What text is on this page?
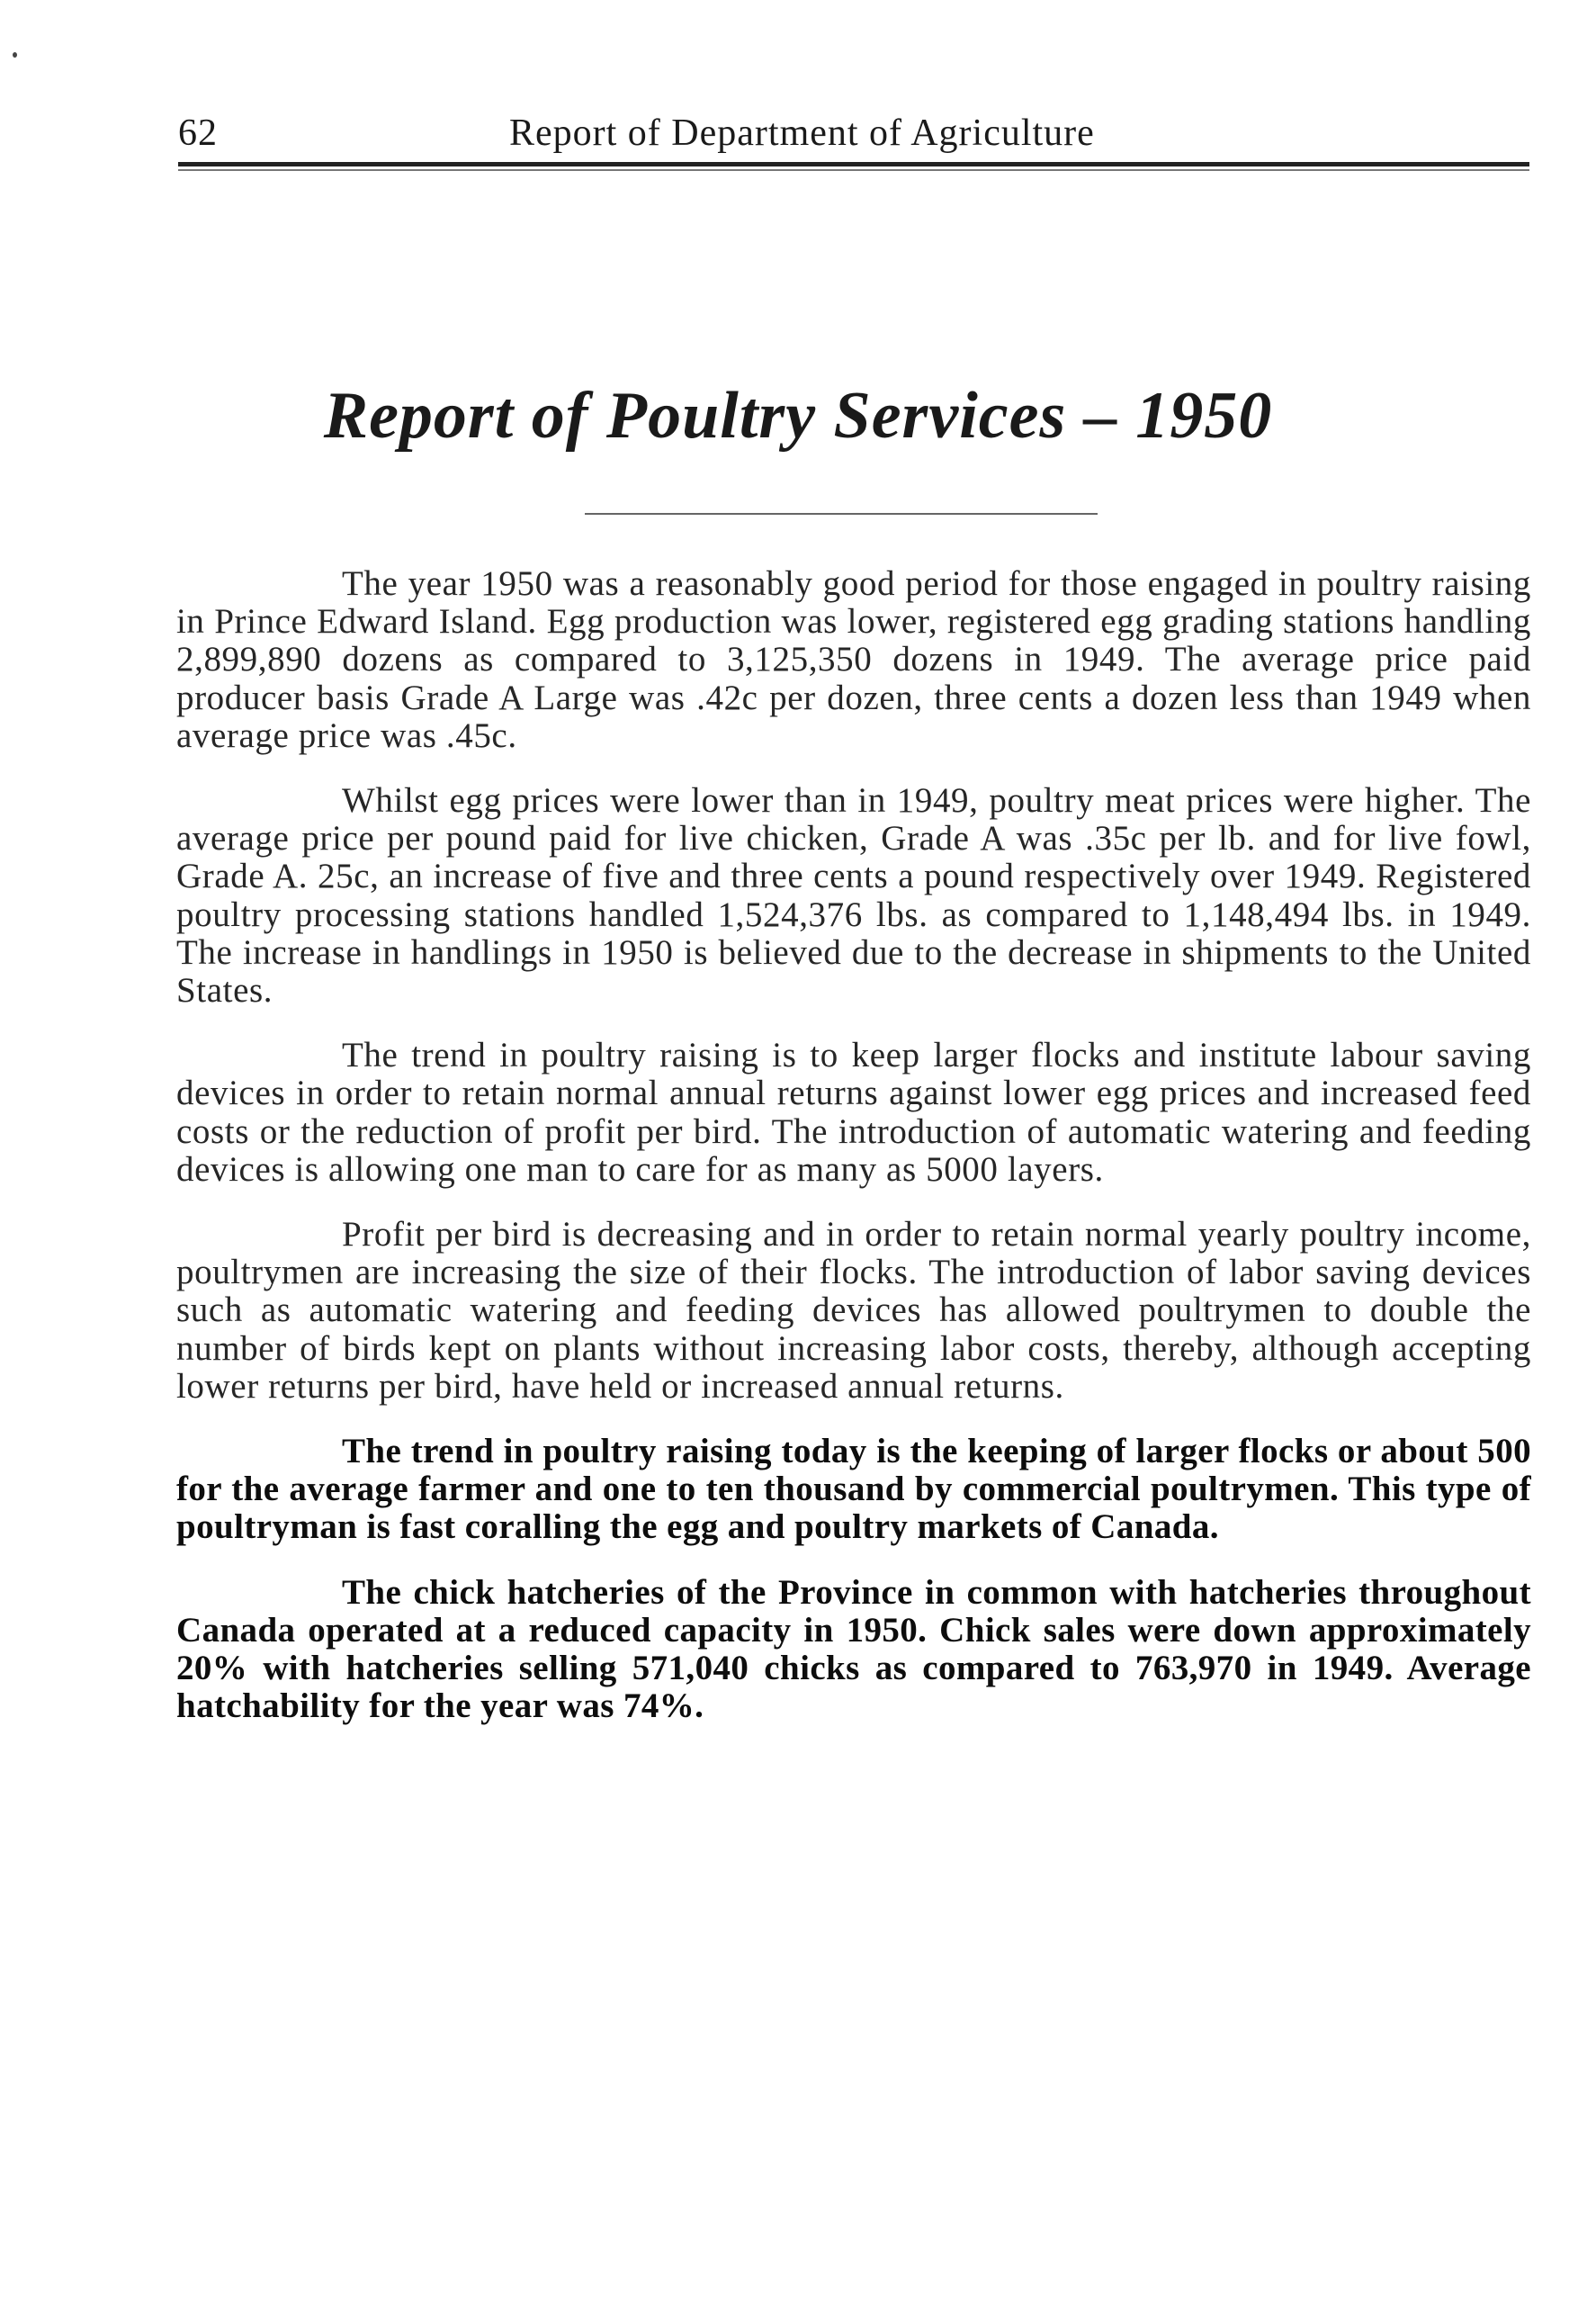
62	Report of Department of Agriculture
Report of Poultry Services – 1950

The year 1950 was a reasonably good period for those engaged in poultry raising in Prince Edward Island. Egg production was lower, registered egg grading stations handling 2,899,890 dozens as compared to 3,125,350 dozens in 1949. The average price paid producer basis Grade A Large was .42c per dozen, three cents a dozen less than 1949 when average price was .45c.

Whilst egg prices were lower than in 1949, poultry meat prices were higher. The average price per pound paid for live chicken, Grade A was .35c per lb. and for live fowl, Grade A. 25c, an increase of five and three cents a pound respectively over 1949. Registered poultry processing stations handled 1,524,376 lbs. as compared to 1,148,494 lbs. in 1949. The increase in handlings in 1950 is believed due to the decrease in shipments to the United States.

The trend in poultry raising is to keep larger flocks and institute labour saving devices in order to retain normal annual returns against lower egg prices and increased feed costs or the reduction of profit per bird. The introduction of automatic watering and feeding devices is allowing one man to care for as many as 5000 layers.

Profit per bird is decreasing and in order to retain normal yearly poultry income, poultrymen are increasing the size of their flocks. The introduction of labor saving devices such as automatic watering and feeding devices has allowed poultrymen to double the number of birds kept on plants without increasing labor costs, thereby, although accepting lower returns per bird, have held or increased annual returns.

The trend in poultry raising today is the keeping of larger flocks or about 500 for the average farmer and one to ten thousand by commercial poultrymen. This type of poultryman is fast coralling the egg and poultry markets of Canada.

The chick hatcheries of the Province in common with hatcheries throughout Canada operated at a reduced capacity in 1950. Chick sales were down approximately 20% with hatcheries selling 571,040 chicks as compared to 763,970 in 1949. Average hatchability for the year was 74%.
